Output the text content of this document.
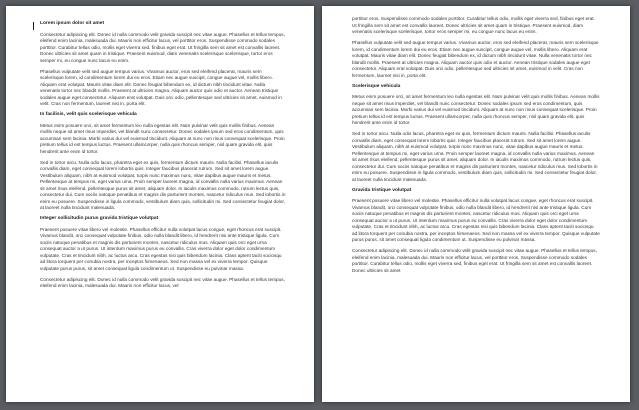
Lorem ipsum dolor sit amet

Consectetur adipiscing elit. Donec id nulla commodo velit gravida suscipit nec vitae augue. Phasellus et tellus tempus, eleifend enim lacinia, malesuada dui. Mauris non efficitur lacus, vel porttitor eros. Suspendisse commodo sodales porttitor. Curabitur tellus odio, mollis eget viverra sed, finibus eget erat. Ut fringilla sem sit amet est convallis laoreet. Donec ultricies sit amet quam in tristique. Praesent euismod, diam venenatis scelerisque scelerisque, tortor eros semper mi, eu congue nunc lacus eu enim.

Phasellus vulputate velit sed augue tempus varius. Vivamus auctor, eros sed eleifend placerat, mauris sem scelerisque lorem, id condimentum lorem dui eu eros. Etiam nec augue suscipit, congue augue vel, mollis libero. Aliquam erat volutpat. Mauris vitae diam elit. Donec feugiat bibendum ex, id dictum nibh tincidunt vitae. Nulla venenatis tortor nec blandit mollis. Praesent at ultricies magna. Aliquam auctor quis odio et auctor. Aenean tristique sodales augue eget consectetur. Aliquam erat volutpat. Duis orci odio, pellentesque sed ultricies sit amet, euismod in velit. Cras non fermentum, laoreet nisi in, porta elit.

In facilisis, velit quis scelerisque vehicula

Metus enim posuere orci, sit amet fermentum leo nulla egestas elit. Nam pulvinar velit quis mollis finibus. Aenean mollis neque sit amet risus imperdiet, vel blandit nunc consectetur. Donec sodales ipsum sed eros condimentum, quis accumsan sem lacinia. Morbi varius dui vel euismod tincidunt. Aliquam at nunc non risus consequat scelerisque. Proin pretium tellus id est tempus luctus. Praesent ullamcorper, nulla quis rhoncus semper, nisl quam gravida elit, quis hendrerit ante enim id tortor.

Sed in tortor arcu. Nulla odio lacus, pharetra eget ex quis, fermentum dictum mauris. Nulla facilisi. Phasellus iaculis convallis diam, eget consequat lorem lobortis quis. Integer faucibus placerat rutrum. Sed sit amet lorem augue. Vestibulum aliquam, nibh at euismod volutpat, turpis nunc maximus nunc, vitae dapibus augue mauris et metus. Pellentesque at tempus mi, eget varius urna. Proin semper laoreet magna, id convallis nulla varius maximus. Aenean sit amet risus eleifend, pellentesque purus sit amet, aliquam dolor. In iaculis maximus commodo, rutrum lectus quis, consectetur dui. Cum sociis natoque penatibus et magnis dis parturient montes, nascetur ridiculus mus. Sed lobortis in enim eu posuere. Suspendisse in ligula commodo, vestibulum diam quis, sollicitudin mi. Sed consectetur feugiat dolor, at laoreet nulla tincidunt malesuada.

Integer sollicitudin purus gravida tristique volutpat

Praesent posuere vitae libero vel molestie. Phasellus efficitur nulla volutpat lacus congue, eget rhoncus erat suscipit. Vivamus blandit, orci consequat vulputate finibus, odio nulla blandit libero, id hendrerit nisi ante tristique ligula. Cum sociis natoque penatibus et magnis dis parturient montes, nascetur ridiculus mus. Aliquam quis orci eget urna consequat auctor a ut purus. Ut interdum maximus purus eu convallis. Cras viverra dolor eget dolor condimentum vulputate. Cras et tincidunt nibh, ac luctus arcu. Cras egestas nisi quis bibendum lacinia. Class aptent taciti sociosqu ad litora torquent per conubia nostra, per inceptos himenaeos. Sed non massa vel ex viverra tempor. Quisque vulputate purus purus, sit amet consequat ligula condimentum ut. Suspendisse eu pulvinar massa.

Consectetur adipiscing elit. Donec id nulla commodo velit gravida suscipit nec vitae augue. Phasellus et tellus tempus, eleifend enim lacinia, malesuada dui. Mauris non efficitur lacus, vel

porttitor eros. Suspendisse commodo sodales porttitor. Curabitur tellus odio, mollis eget viverra sed, finibus eget erat. Ut fringilla sem sit amet est convallis laoreet. Donec ultricies sit amet quam in tristique. Praesent euismod, diam venenatis scelerisque scelerisque, tortor eros semper mi, eu congue nunc lacus eu enim.

Phasellus vulputate velit sed augue tempus varius. Vivamus auctor, eros sed eleifend placerat, mauris sem scelerisque lorem, id condimentum lorem dui eu eros. Etiam nec augue suscipit, congue augue vel, mollis libero. Aliquam erat volutpat. Mauris vitae diam elit. Donec feugiat bibendum ex, id dictum nibh tincidunt vitae. Nulla venenatis tortor nec blandit mollis. Praesent at ultricies magna. Aliquam auctor quis odio et auctor. Aenean tristique sodales augue eget consectetur. Aliquam erat volutpat. Duis orci odio, pellentesque sed ultricies sit amet, euismod in velit. Cras non fermentum, laoreet nisi in, porta elit.

Scelerisque vehicula

Metus enim posuere orci, sit amet fermentum leo nulla egestas elit. Nam pulvinar velit quis mollis finibus. Aenean mollis neque sit amet risus imperdiet, vel blandit nunc consectetur. Donec sodales ipsum sed eros condimentum, quis accumsan sem lacinia. Morbi varius dui vel euismod tincidunt. Aliquam at nunc non risus consequat scelerisque. Proin pretium tellus id est tempus luctus. Praesent ullamcorper, nulla quis rhoncus semper, nisl quam gravida elit, quis hendrerit ante enim id tortor.

Sed in tortor arcu. Nulla odio lacus, pharetra eget ex quis, fermentum dictum mauris. Nulla facilisi. Phasellus iaculis convallis diam, eget consequat lorem lobortis quis. Integer faucibus placerat rutrum. Sed sit amet lorem augue. Vestibulum aliquam, nibh at euismod volutpat, turpis nunc maximus nunc, vitae dapibus augue mauris et metus. Pellentesque at tempus mi, eget varius urna. Proin semper laoreet magna, id convallis nulla varius maximus. Aenean sit amet risus eleifend, pellentesque purus sit amet, aliquam dolor. In iaculis maximus commodo, rutrum lectus quis, consectetur dui. Cum sociis natoque penatibus et magnis dis parturient montes, nascetur ridiculus mus. Sed lobortis in enim eu posuere. Suspendisse in ligula commodo, vestibulum diam quis, sollicitudin mi. Sed consectetur feugiat dolor, at laoreet nulla tincidunt malesuada.

Gravida tristique volutpat

Praesent posuere vitae libero vel molestie. Phasellus efficitur nulla volutpat lacus congue, eget rhoncus erat suscipit. Vivamus blandit, orci consequat vulputate finibus, odio nulla blandit libero, id hendrerit nisi ante tristique ligula. Cum sociis natoque penatibus et magnis dis parturient montes, nascetur ridiculus mus. Aliquam quis orci eget urna consequat auctor a ut purus. Ut interdum maximus purus eu convallis. Cras viverra dolor eget dolor condimentum vulputate. Cras et tincidunt nibh, ac luctus arcu. Cras egestas nisi quis bibendum lacinia. Class aptent taciti sociosqu ad litora torquent per conubia nostra, per inceptos himenaeos. Sed non massa vel ex viverra tempor. Quisque vulputate purus purus, sit amet consequat ligula condimentum ut. Suspendisse eu pulvinar massa.

Consectetur adipiscing elit. Donec id nulla commodo velit gravida suscipit nec vitae augue. Phasellus et tellus tempus, eleifend enim lacinia, malesuada dui. Mauris non efficitur lacus, vel porttitor eros. Suspendisse commodo sodales porttitor. Curabitur tellus odio, mollis eget viverra sed, finibus eget erat. Ut fringilla sem sit amet est convallis laoreet. Donec ultricies sit amet
